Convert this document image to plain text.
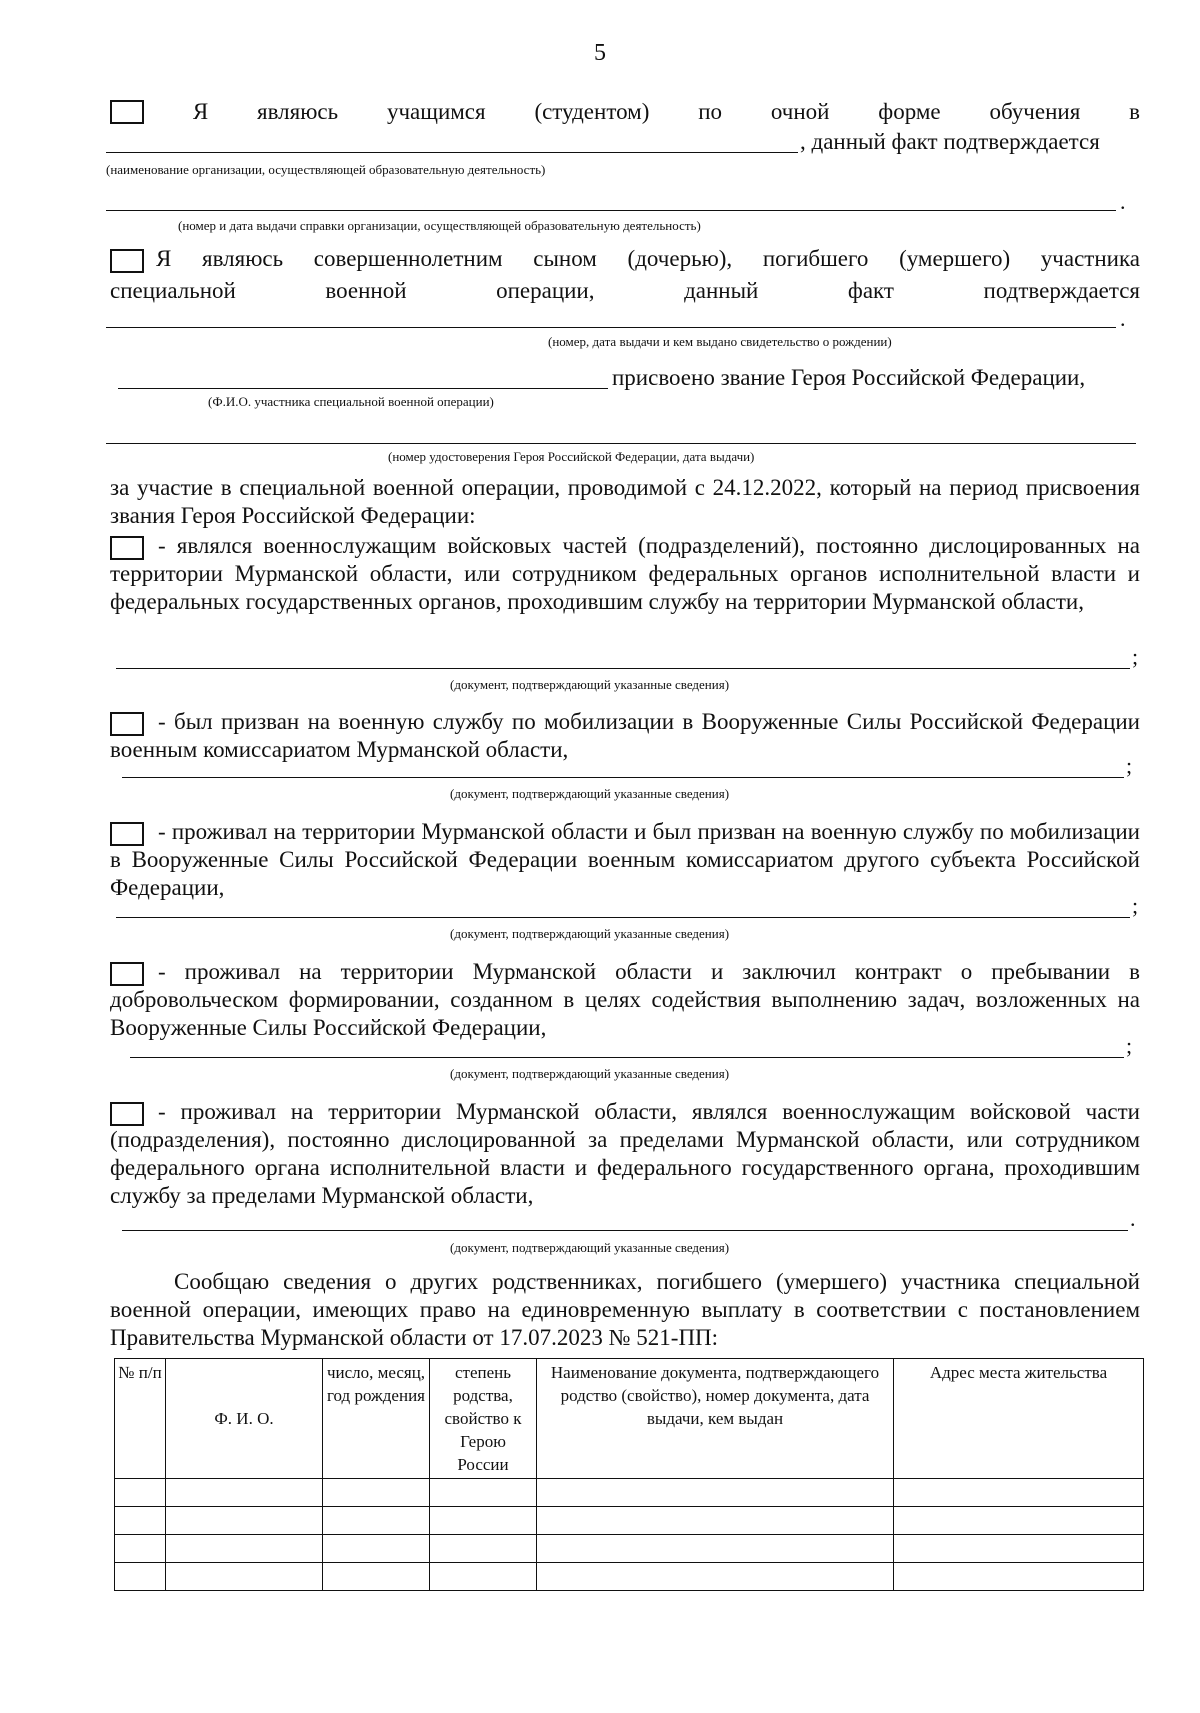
5
Я являюсь учащимся (студентом) по очной форме обучения в
, данный факт подтверждается
(наименование организации, осуществляющей образовательную деятельность)
.
(номер и дата выдачи справки организации, осуществляющей образовательную деятельность)
Я являюсь совершеннолетним сыном (дочерью), погибшего (умершего) участника
специальной	военной	операции,	данный	факт	подтверждается
.
(номер, дата выдачи и кем выдано свидетельство о рождении)
присвоено звание Героя Российской Федерации,
(Ф.И.О. участника специальной военной операции)
(номер удостоверения Героя Российской Федерации, дата выдачи)
за участие в специальной военной операции, проводимой с 24.12.2022, который на период присвоения звания Героя Российской Федерации:
- являлся военнослужащим войсковых частей (подразделений), постоянно дислоцированных на территории Мурманской области, или сотрудником федеральных органов исполнительной власти и федеральных государственных органов, проходившим службу на территории Мурманской области,
;
(документ, подтверждающий указанные сведения)
- был призван на военную службу по мобилизации в Вооруженные Силы Российской Федерации военным комиссариатом Мурманской области,
;
(документ, подтверждающий указанные сведения)
- проживал на территории Мурманской области и был призван на военную службу по мобилизации в Вооруженные Силы Российской Федерации военным комиссариатом другого субъекта Российской Федерации,
;
(документ, подтверждающий указанные сведения)
- проживал на территории Мурманской области и заключил контракт о пребывании в добровольческом формировании, созданном в целях содействия выполнению задач, возложенных на Вооруженные Силы Российской Федерации,
;
(документ, подтверждающий указанные сведения)
- проживал на территории Мурманской области, являлся военнослужащим войсковой части (подразделения), постоянно дислоцированной за пределами Мурманской области, или сотрудником федерального органа исполнительной власти и федерального государственного органа, проходившим службу за пределами Мурманской области,
.
(документ, подтверждающий указанные сведения)
Сообщаю сведения о других родственниках, погибшего (умершего) участника специальной военной операции, имеющих право на единовременную выплату в соответствии с постановлением Правительства Мурманской области от 17.07.2023 № 521-ПП:
№ п/п	Ф. И. О.	число, месяц, год рождения	степень родства, свойство к Герою России	Наименование документа, подтверждающего родство (свойство), номер документа, дата выдачи, кем выдан	Адрес места жительства
